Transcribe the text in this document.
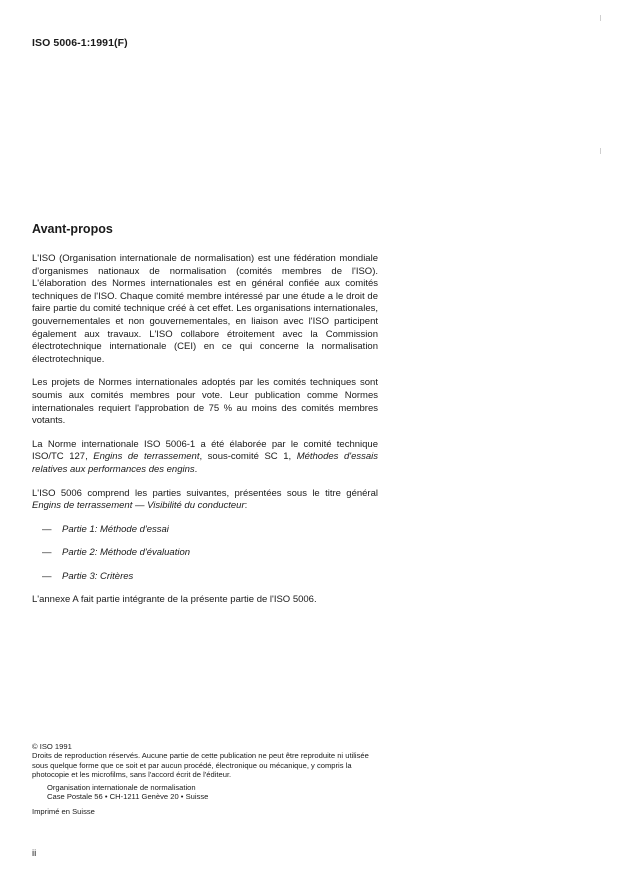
ISO 5006-1:1991(F)
Avant-propos

L'ISO (Organisation internationale de normalisation) est une fédération mondiale d'organismes nationaux de normalisation (comités membres de l'ISO). L'élaboration des Normes internationales est en général confiée aux comités techniques de l'ISO. Chaque comité membre intéressé par une étude a le droit de faire partie du comité technique créé à cet effet. Les organisations internationales, gouvernementales et non gouvernementales, en liaison avec l'ISO participent également aux travaux. L'ISO collabore étroitement avec la Commission électrotechnique internationale (CEI) en ce qui concerne la normalisation électrotechnique.

Les projets de Normes internationales adoptés par les comités techniques sont soumis aux comités membres pour vote. Leur publication comme Normes internationales requiert l'approbation de 75 % au moins des comités membres votants.

La Norme internationale ISO 5006-1 a été élaborée par le comité technique ISO/TC 127, Engins de terrassement, sous-comité SC 1, Méthodes d'essais relatives aux performances des engins.

L'ISO 5006 comprend les parties suivantes, présentées sous le titre général Engins de terrassement — Visibilité du conducteur:

— Partie 1: Méthode d'essai
— Partie 2: Méthode d'évaluation
— Partie 3: Critères

L'annexe A fait partie intégrante de la présente partie de l'ISO 5006.

© ISO 1991

Droits de reproduction réservés. Aucune partie de cette publication ne peut être reproduite ni utilisée sous quelque forme que ce soit et par aucun procédé, électronique ou mécanique, y compris la photocopie et les microfilms, sans l'accord écrit de l'éditeur.

Organisation internationale de normalisation

Case Postale 56 • CH-1211 Genève 20 • Suisse

Imprimé en Suisse

ii
